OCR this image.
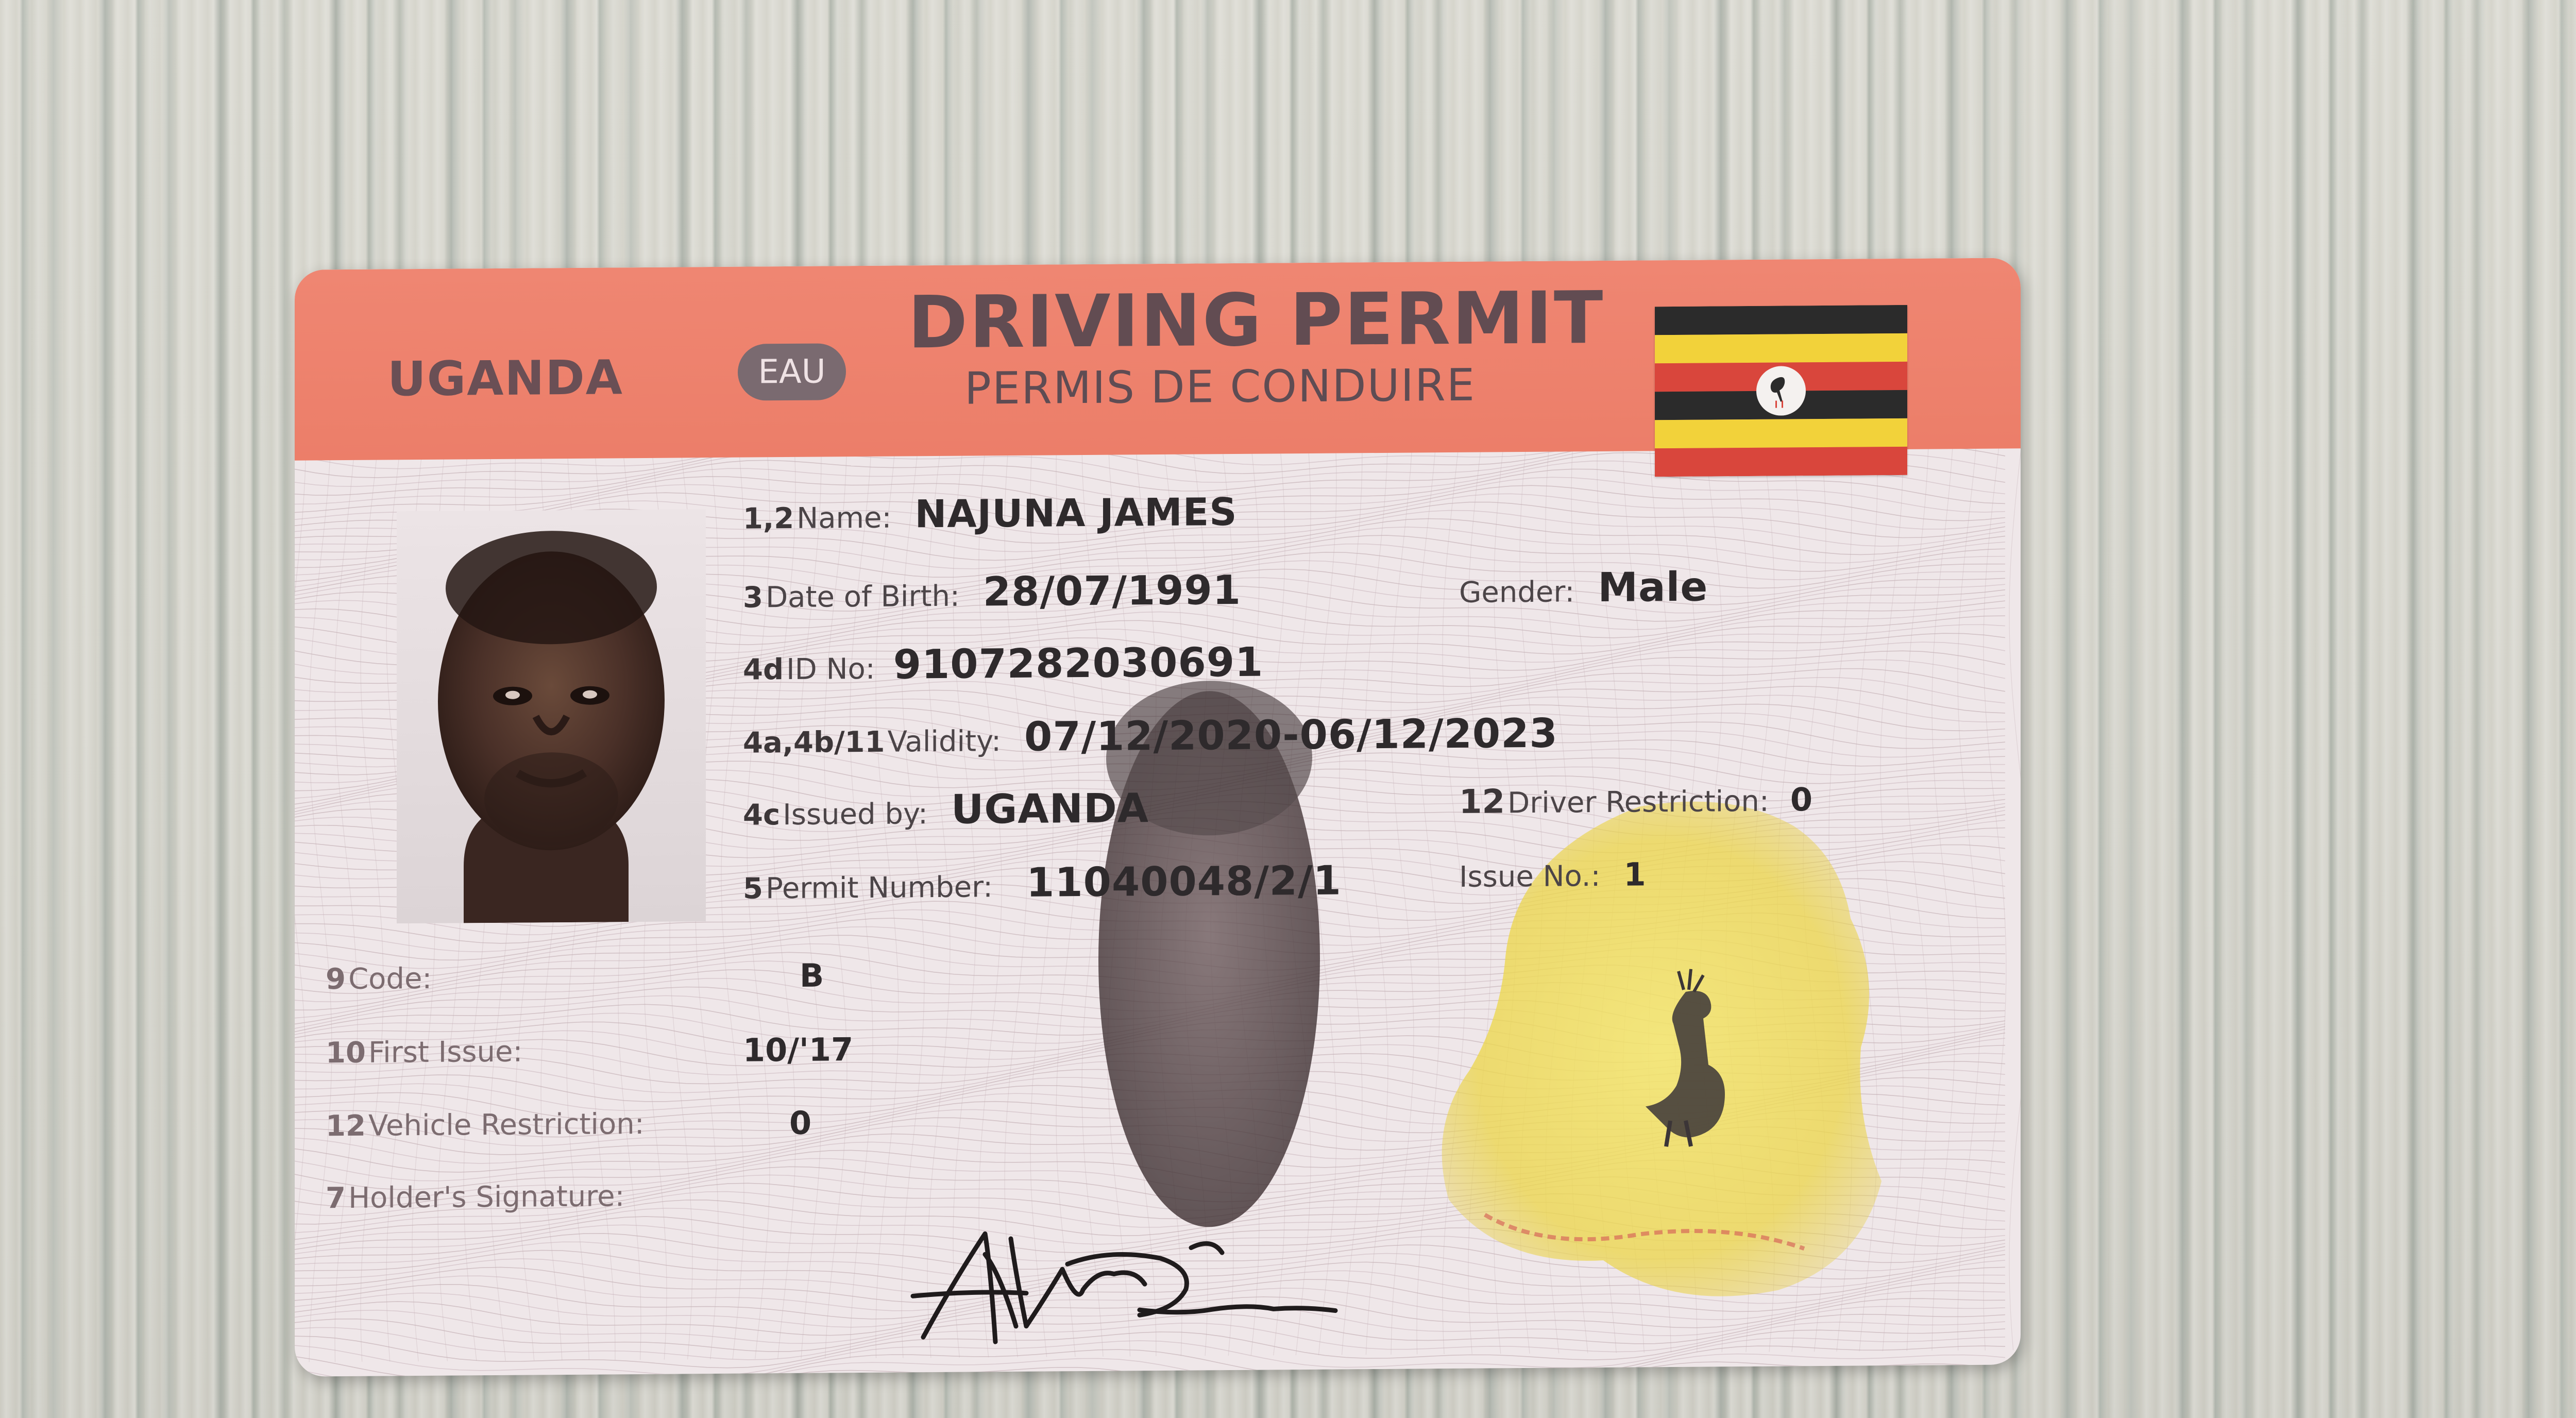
UGANDA	EAU
DRIVING PERMIT
PERMIS DE CONDUIRE
1,2 Name: NAJUNA JAMES
3 Date of Birth: 28/07/1991	Gender: Male
4d ID No: 9107282030691
4a,4b/11 Validity: 07/12/2020-06/12/2023
4c Issued by: UGANDA	12 Driver Restriction: 0
5 Permit Number: 11040048/2/1	Issue No.: 1
9 Code:	B
10 First Issue:	10/'17
12 Vehicle Restriction:	0
7 Holder's Signature:
